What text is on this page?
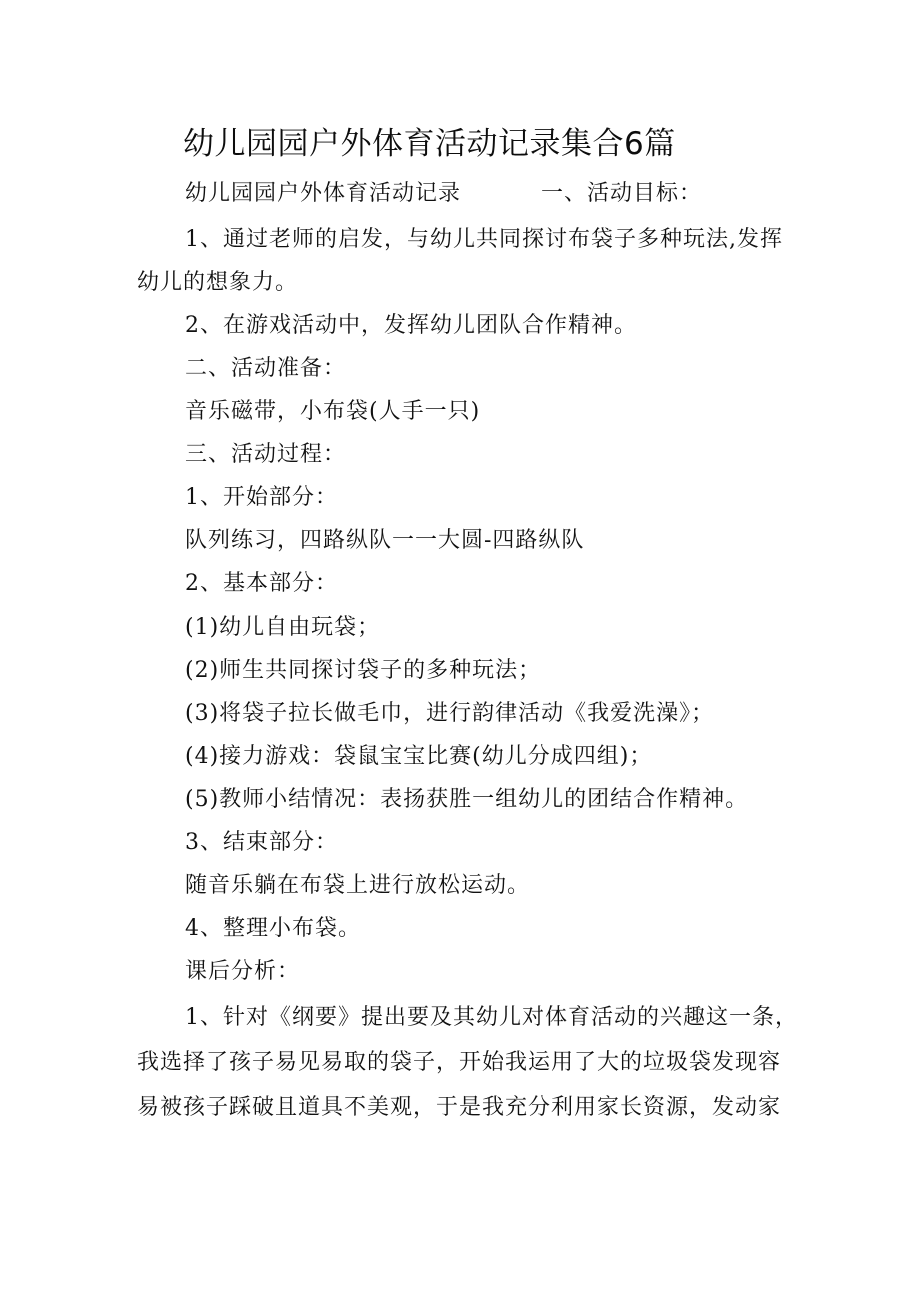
幼儿园园户外体育活动记录集合6篇
幼儿园园户外体育活动记录	一、活动目标：
1、通过老师的启发，与幼儿共同探讨布袋子多种玩法,发挥
幼儿的想象力。
2、在游戏活动中，发挥幼儿团队合作精神。
二、活动准备：
音乐磁带，小布袋(人手一只)
三、活动过程：
1、开始部分：
队列练习，四路纵队一一大圆-四路纵队
2、基本部分：
(1)幼儿自由玩袋；
(2)师生共同探讨袋子的多种玩法；
(3)将袋子拉长做毛巾，进行韵律活动《我爱洗澡》；
(4)接力游戏：袋鼠宝宝比赛(幼儿分成四组)；
(5)教师小结情况：表扬获胜一组幼儿的团结合作精神。
3、结束部分：
随音乐躺在布袋上进行放松运动。
4、整理小布袋。
课后分析：
1、针对《纲要》提出要及其幼儿对体育活动的兴趣这一条，
我选择了孩子易见易取的袋子，开始我运用了大的垃圾袋发现容
易被孩子踩破且道具不美观，于是我充分利用家长资源，发动家
